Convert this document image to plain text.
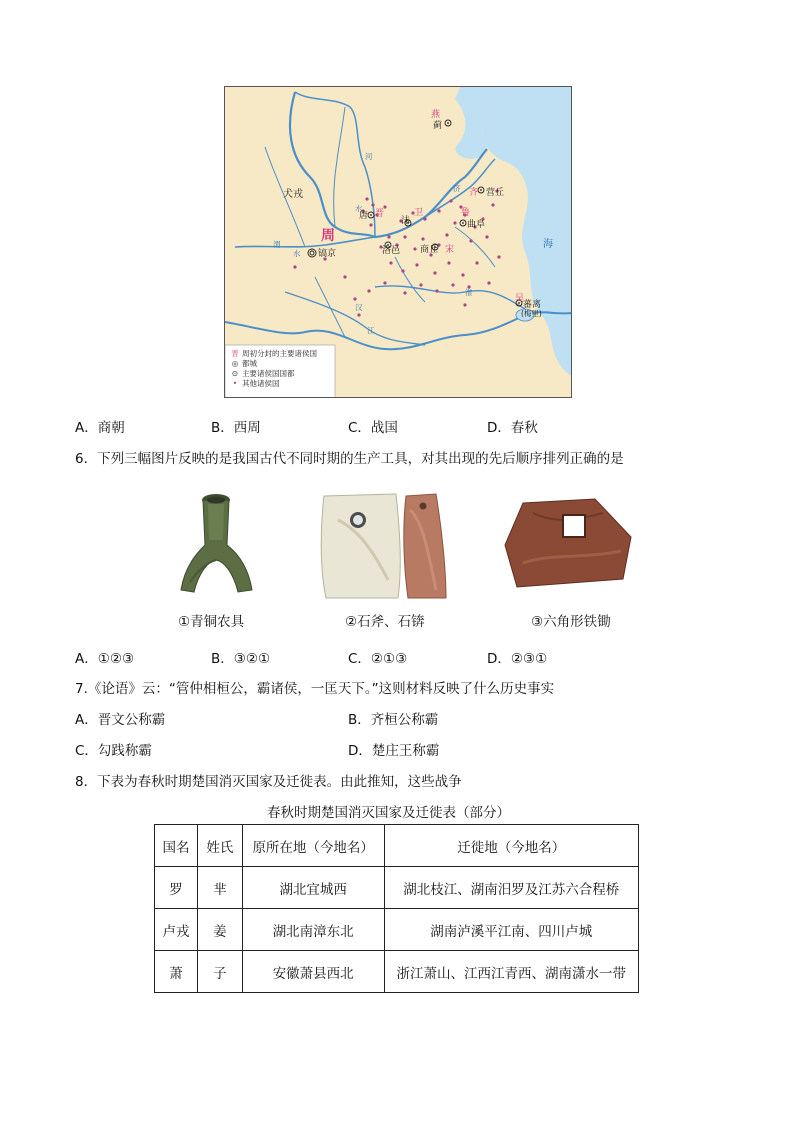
燕
蓟
犬戎
周
镐京
晋
唐	卫
沬
洛邑 商丘 宋
鲁
曲阜
齐 营丘
吴
蕃离
(梅里)
海
河
水
渭
水
济
淮
汉
江
晋 周初分封的主要诸侯国
◎ 都城
⊙ 主要诸侯国国都
• 其他诸侯国
A．商朝	B．西周	C．战国	D．春秋
6．下列三幅图片反映的是我国古代不同时期的生产工具，对其出现的先后顺序排列正确的是
①青铜农具	②石斧、石锛	③六角形铁锄
A．①②③	B．③②①	C．②①③	D．②③①
7.《论语》云：“管仲相桓公，霸诸侯，一匡天下。”这则材料反映了什么历史事实
A．晋文公称霸	B．齐桓公称霸
C．勾践称霸	D．楚庄王称霸
8．下表为春秋时期楚国消灭国家及迁徙表。由此推知，这些战争
春秋时期楚国消灭国家及迁徙表（部分）
国名	姓氏	原所在地（今地名）	迁徙地（今地名）
罗	芈	湖北宜城西	湖北枝江、湖南汨罗及江苏六合程桥
卢戎	姜	湖北南漳东北	湖南泸溪平江南、四川卢城
萧	子	安徽萧县西北	浙江萧山、江西江青西、湖南潇水一带
